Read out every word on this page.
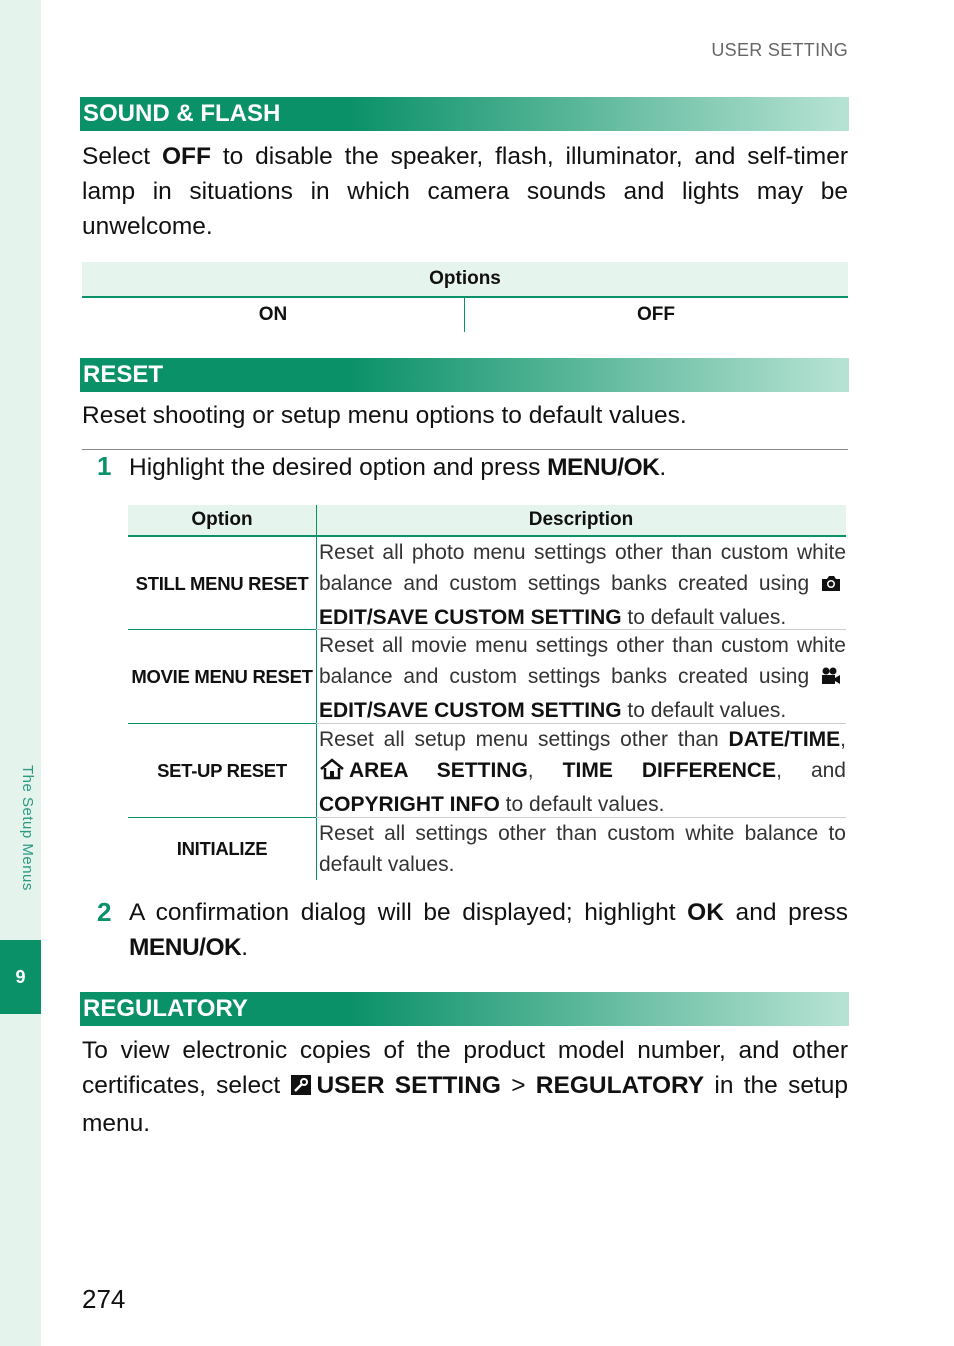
The Setup Menus
9
USER SETTING
SOUND & FLASH
Select OFF to disable the speaker, flash, illuminator, and self-timer lamp in situations in which camera sounds and lights may be unwelcome.
Options
ON	OFF
RESET
Reset shooting or setup menu options to default values.
1 Highlight the desired option and press MENU/OK.
Option	Description
STILL MENU RESET
Reset all photo menu settings other than custom white balance and custom settings banks created using EDIT/SAVE CUSTOM SETTING to default values.
MOVIE MENU RESET
Reset all movie menu settings other than custom white balance and custom settings banks created using EDIT/SAVE CUSTOM SETTING to default values.
SET-UP RESET
Reset all setup menu settings other than DATE/TIME, AREA SETTING, TIME DIFFERENCE, and COPYRIGHT INFO to default values.
INITIALIZE
Reset all settings other than custom white balance to default values.
2 A confirmation dialog will be displayed; highlight OK and press MENU/OK.
REGULATORY
To view electronic copies of the product model number, and other certificates, select USER SETTING > REGULATORY in the setup menu.
274
